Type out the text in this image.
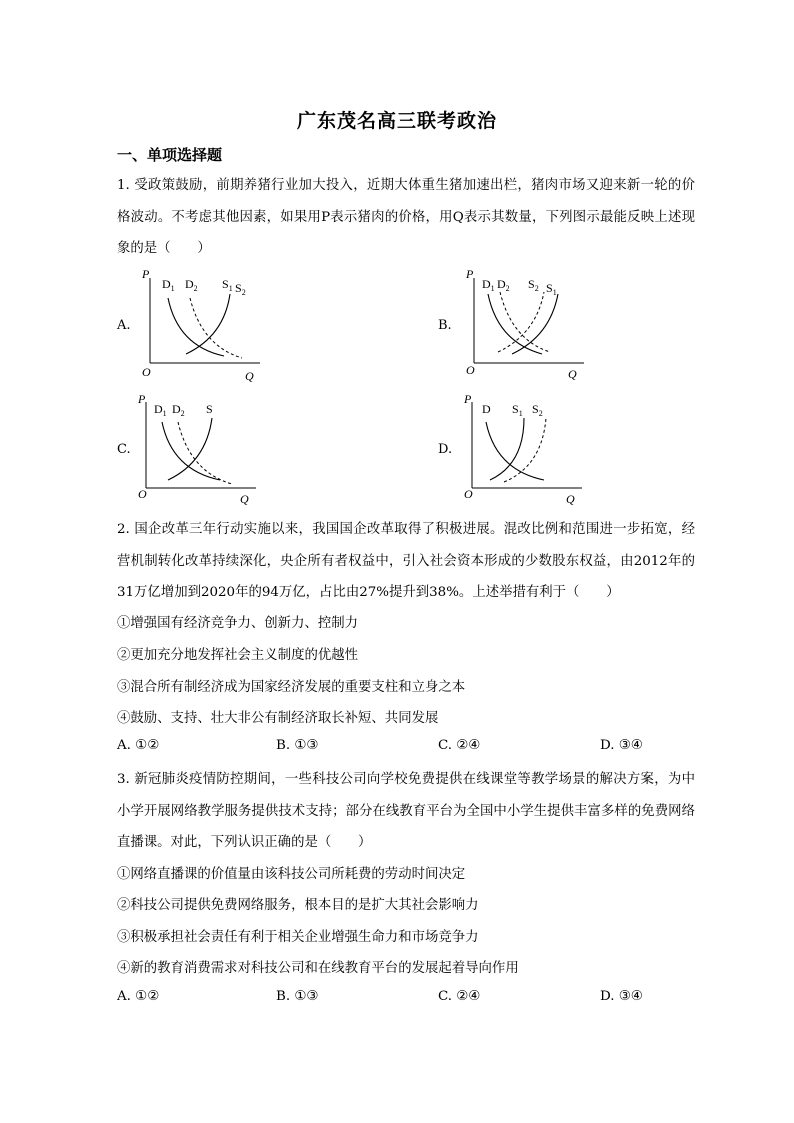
广东茂名高三联考政治
一、单项选择题
1. 受政策鼓励，前期养猪行业加大投入，近期大体重生猪加速出栏，猪肉市场又迎来新一轮的价格波动。不考虑其他因素，如果用P表示猪肉的价格，用Q表示其数量，下列图示最能反映上述现象的是（　　）
A.
P
O	Q
$D_1$ $D_2$ $S_1$ $S_2$
B.
P
O	Q
$D_1$ $D_2$ $S_2$ $S_1$
C.
P
O	Q
$D_1$ $D_2$ S
D.
P
O	Q
D $S_1$ $S_2$
2. 国企改革三年行动实施以来，我国国企改革取得了积极进展。混改比例和范围进一步拓宽，经营机制转化改革持续深化，央企所有者权益中，引入社会资本形成的少数股东权益，由2012年的31万亿增加到2020年的94万亿，占比由27%提升到38%。上述举措有利于（　　）
①增强国有经济竞争力、创新力、控制力
②更加充分地发挥社会主义制度的优越性
③混合所有制经济成为国家经济发展的重要支柱和立身之本
④鼓励、支持、壮大非公有制经济取长补短、共同发展
A. ①②	B. ①③	C. ②④	D. ③④
3. 新冠肺炎疫情防控期间，一些科技公司向学校免费提供在线课堂等教学场景的解决方案，为中小学开展网络教学服务提供技术支持；部分在线教育平台为全国中小学生提供丰富多样的免费网络直播课。对此，下列认识正确的是（　　）
①网络直播课的价值量由该科技公司所耗费的劳动时间决定
②科技公司提供免费网络服务，根本目的是扩大其社会影响力
③积极承担社会责任有利于相关企业增强生命力和市场竞争力
④新的教育消费需求对科技公司和在线教育平台的发展起着导向作用
A. ①②	B. ①③	C. ②④	D. ③④
